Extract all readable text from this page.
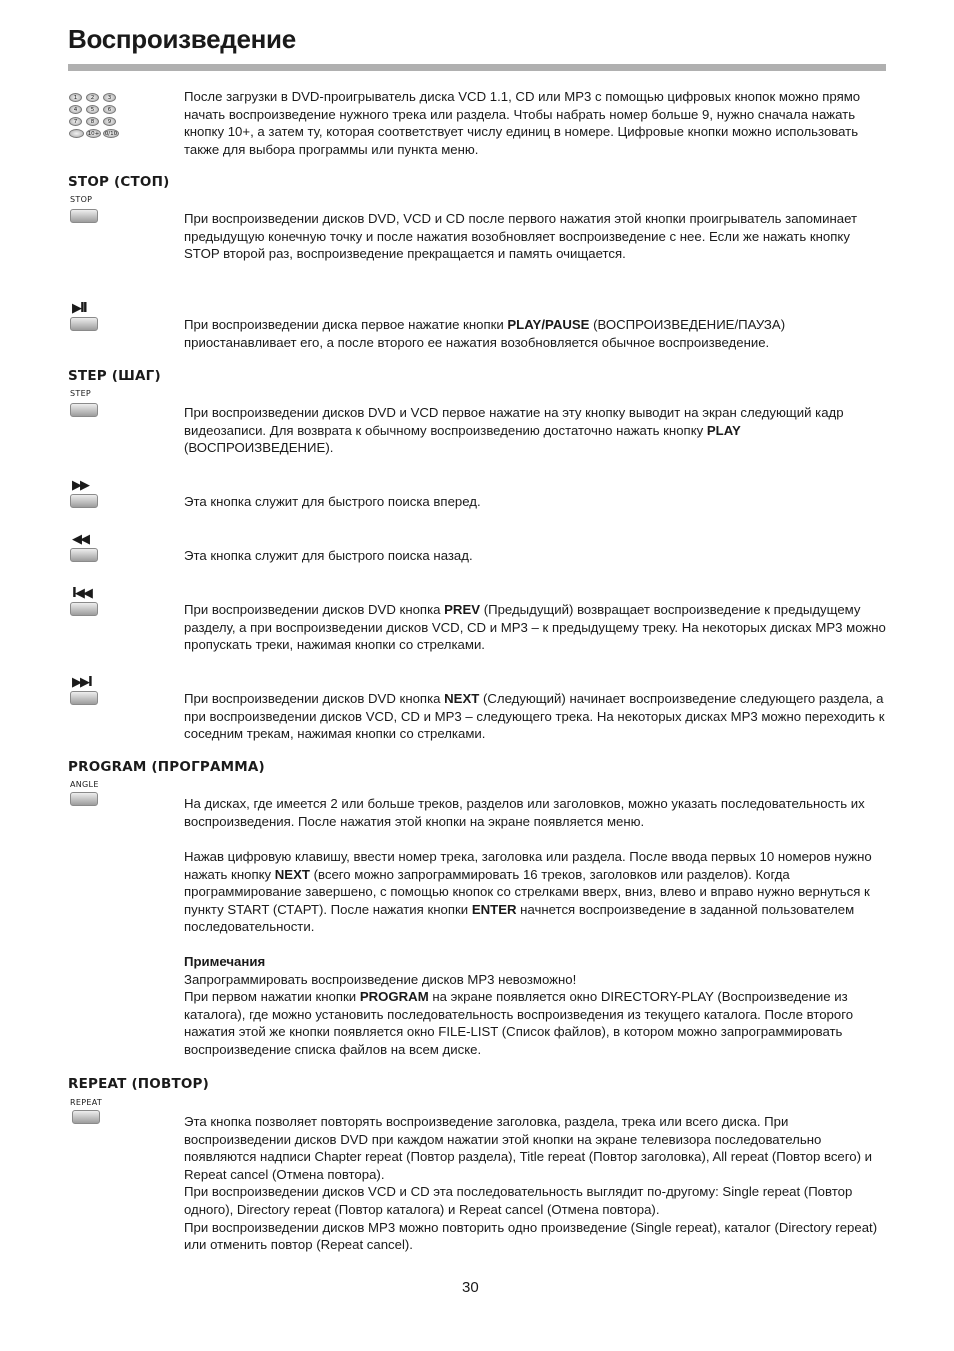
Воспроизведение
1	2	3
4	5	6
7	8	9
10+	0/10

После загрузки в DVD-проигрыватель диска VCD 1.1, CD или MP3 с помощью цифровых кнопок можно прямо начать воспроизведение нужного трека или раздела. Чтобы набрать номер больше 9, нужно сначала нажать кнопку 10+, а затем ту, которая соответствует числу единиц в номере. Цифровые кнопки можно использовать также для выбора программы или пункта меню.

STOP (СТОП)
STOP

При воспроизведении дисков DVD, VCD и CD после первого нажатия этой кнопки проигрыватель запоминает предыдущую конечную точку и после нажатия возобновляет воспроизведение с нее. Если же нажать кнопку STOP второй раз, воспроизведение прекращается и память очищается.

▶II

При воспроизведении диска первое нажатие кнопки PLAY/PAUSE (ВОСПРОИЗВЕДЕНИЕ/ПАУЗА) приостанавливает его, а после второго ее нажатия возобновляется обычное воспроизведение.

STEP (ШАГ)
STEP

При воспроизведении дисков DVD и VCD первое нажатие на эту кнопку выводит на экран следующий кадр видеозаписи. Для возврата к обычному воспроизведению достаточно нажать кнопку PLAY (ВОСПРОИЗВЕДЕНИЕ).

▶▶

Эта кнопка служит для быстрого поиска вперед.

◀◀

Эта кнопка служит для быстрого поиска назад.

I◀◀

При воспроизведении дисков DVD кнопка PREV (Предыдущий) возвращает воспроизведение к предыдущему разделу, а при воспроизведении дисков VCD, CD и MP3 – к предыдущему треку. На некоторых дисках MP3 можно пропускать треки, нажимая кнопки со стрелками.

▶▶I

При воспроизведении дисков DVD кнопка NEXT (Следующий) начинает воспроизведение следующего раздела, а при воспроизведении дисков VCD, CD и MP3 – следующего трека. На некоторых дисках MP3 можно переходить к соседним трекам, нажимая кнопки со стрелками.

PROGRAM (ПРОГРАММА)
ANGLE

На дисках, где имеется 2 или больше треков, разделов или заголовков, можно указать последовательность их воспроизведения. После нажатия этой кнопки на экране появляется меню.

Нажав цифровую клавишу, ввести номер трека, заголовка или раздела. После ввода первых 10 номеров нужно нажать кнопку NEXT (всего можно запрограммировать 16 треков, заголовков или разделов). Когда программирование завершено, с помощью кнопок со стрелками вверх, вниз, влево и вправо нужно вернуться к пункту START (СТАРТ). После нажатия кнопки ENTER начнется воспроизведение в заданной пользователем последовательности.

Примечания

Запрограммировать воспроизведение дисков MP3 невозможно!

При первом нажатии кнопки PROGRAM на экране появляется окно DIRECTORY-PLAY (Воспроизведение из каталога), где можно установить последовательность воспроизведения из текущего каталога. После второго нажатия этой же кнопки появляется окно FILE-LIST (Список файлов), в котором можно запрограммировать воспроизведение списка файлов на всем диске.

REPEAT (ПОВТОР)
REPEAT

Эта кнопка позволяет повторять воспроизведение заголовка, раздела, трека или всего диска. При воспроизведении дисков DVD при каждом нажатии этой кнопки на экране телевизора последовательно появляются надписи Chapter repeat (Повтор раздела), Title repeat (Повтор заголовка), All repeat (Повтор всего) и Repeat cancel (Отмена повтора).

При воспроизведении дисков VCD и CD эта последовательность выглядит по-другому: Single repeat (Повтор одного), Directory repeat (Повтор каталога) и Repeat cancel (Отмена повтора).

При воспроизведении дисков MP3 можно повторить одно произведение (Single repeat), каталог (Directory repeat) или отменить повтор (Repeat cancel).

30
